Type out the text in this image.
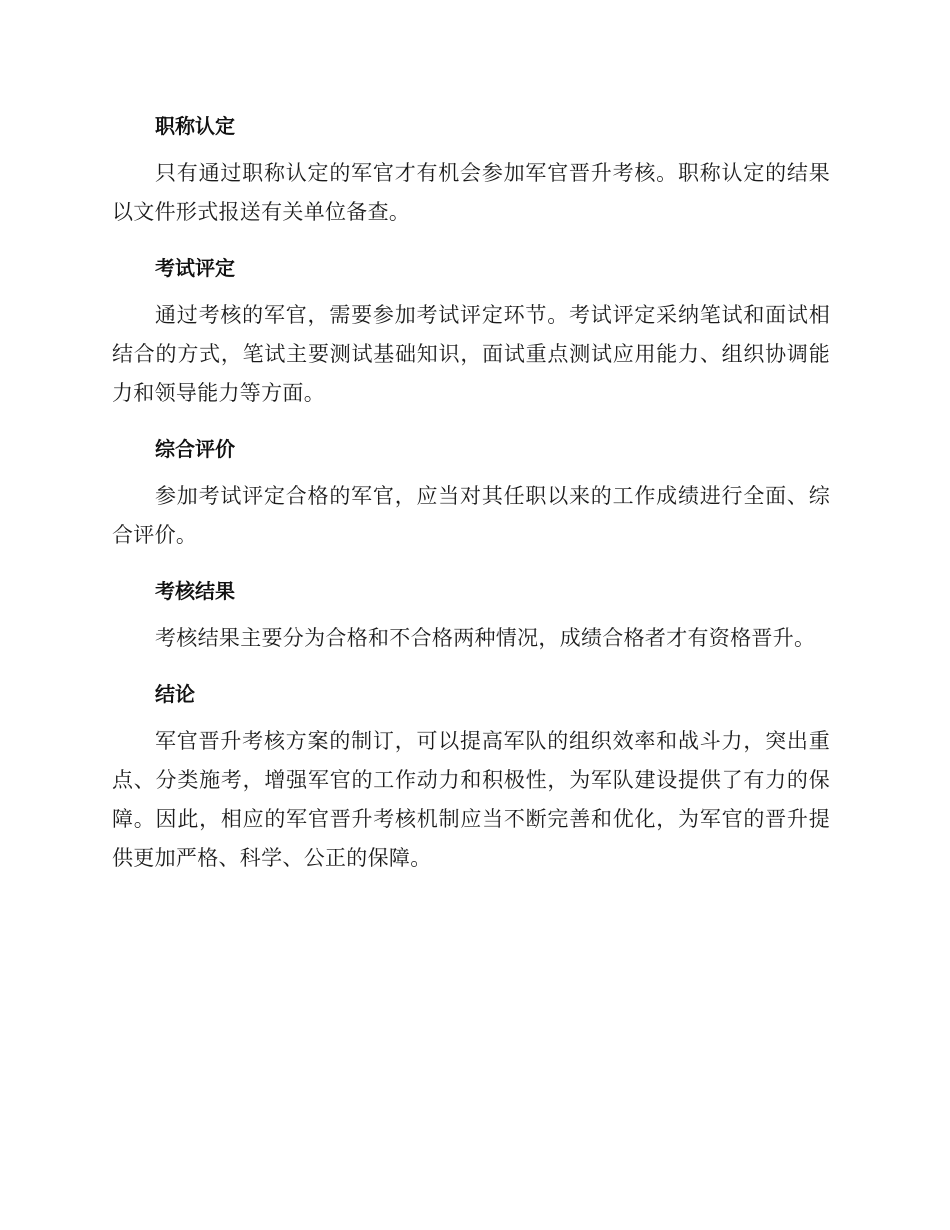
职称认定

只有通过职称认定的军官才有机会参加军官晋升考核。职称认定的结果以文件形式报送有关单位备查。

考试评定

通过考核的军官，需要参加考试评定环节。考试评定采纳笔试和面试相结合的方式，笔试主要测试基础知识，面试重点测试应用能力、组织协调能力和领导能力等方面。

综合评价

参加考试评定合格的军官，应当对其任职以来的工作成绩进行全面、综合评价。

考核结果

考核结果主要分为合格和不合格两种情况，成绩合格者才有资格晋升。

结论

军官晋升考核方案的制订，可以提高军队的组织效率和战斗力，突出重点、分类施考，增强军官的工作动力和积极性，为军队建设提供了有力的保障。因此，相应的军官晋升考核机制应当不断完善和优化，为军官的晋升提供更加严格、科学、公正的保障。
